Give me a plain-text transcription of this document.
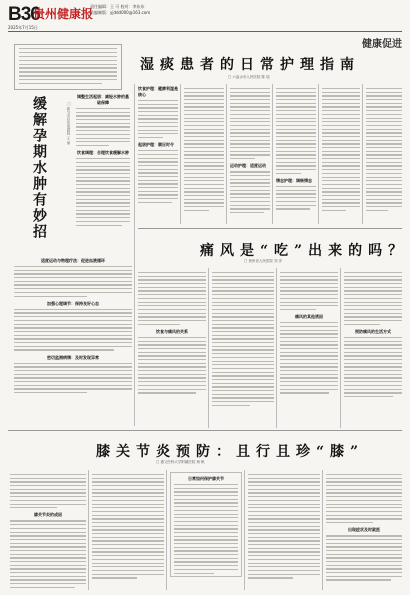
B36
贵州健康报
责任编辑：王 可 校对：李东东
美编制版：yjddd000@163.com
2025年7月15日
健康促进
湿痰患者的日常护理指南
□ 六盘水市人民医院 陈 瑶
缓解孕期水肿有妙招	□ 都匀市妇幼保健院 王 丽
调整生活起居：减轻水肿的基础保障
饮食调理：合理饮食缓解水肿
适度运动与物理疗法：促进血液循环
加强心理调节：保持良好心态
密切监测病情：及时发现异常
饮食护理：健脾利湿是核心
起居护理：顺应时令
运动护理：适度运动
情志护理：调畅情志
痛风是“吃”出来的吗？
□ 贵州省人民医院 刘 洋
饮食与痛风的关系
痛风的其他诱因
预防痛风的生活方式
膝关节炎预防：且行且珍“膝”
□ 遵义医科大学附属医院 杨 帆
膝关节炎的成因
日常如何保护膝关节
出现症状及时就医
